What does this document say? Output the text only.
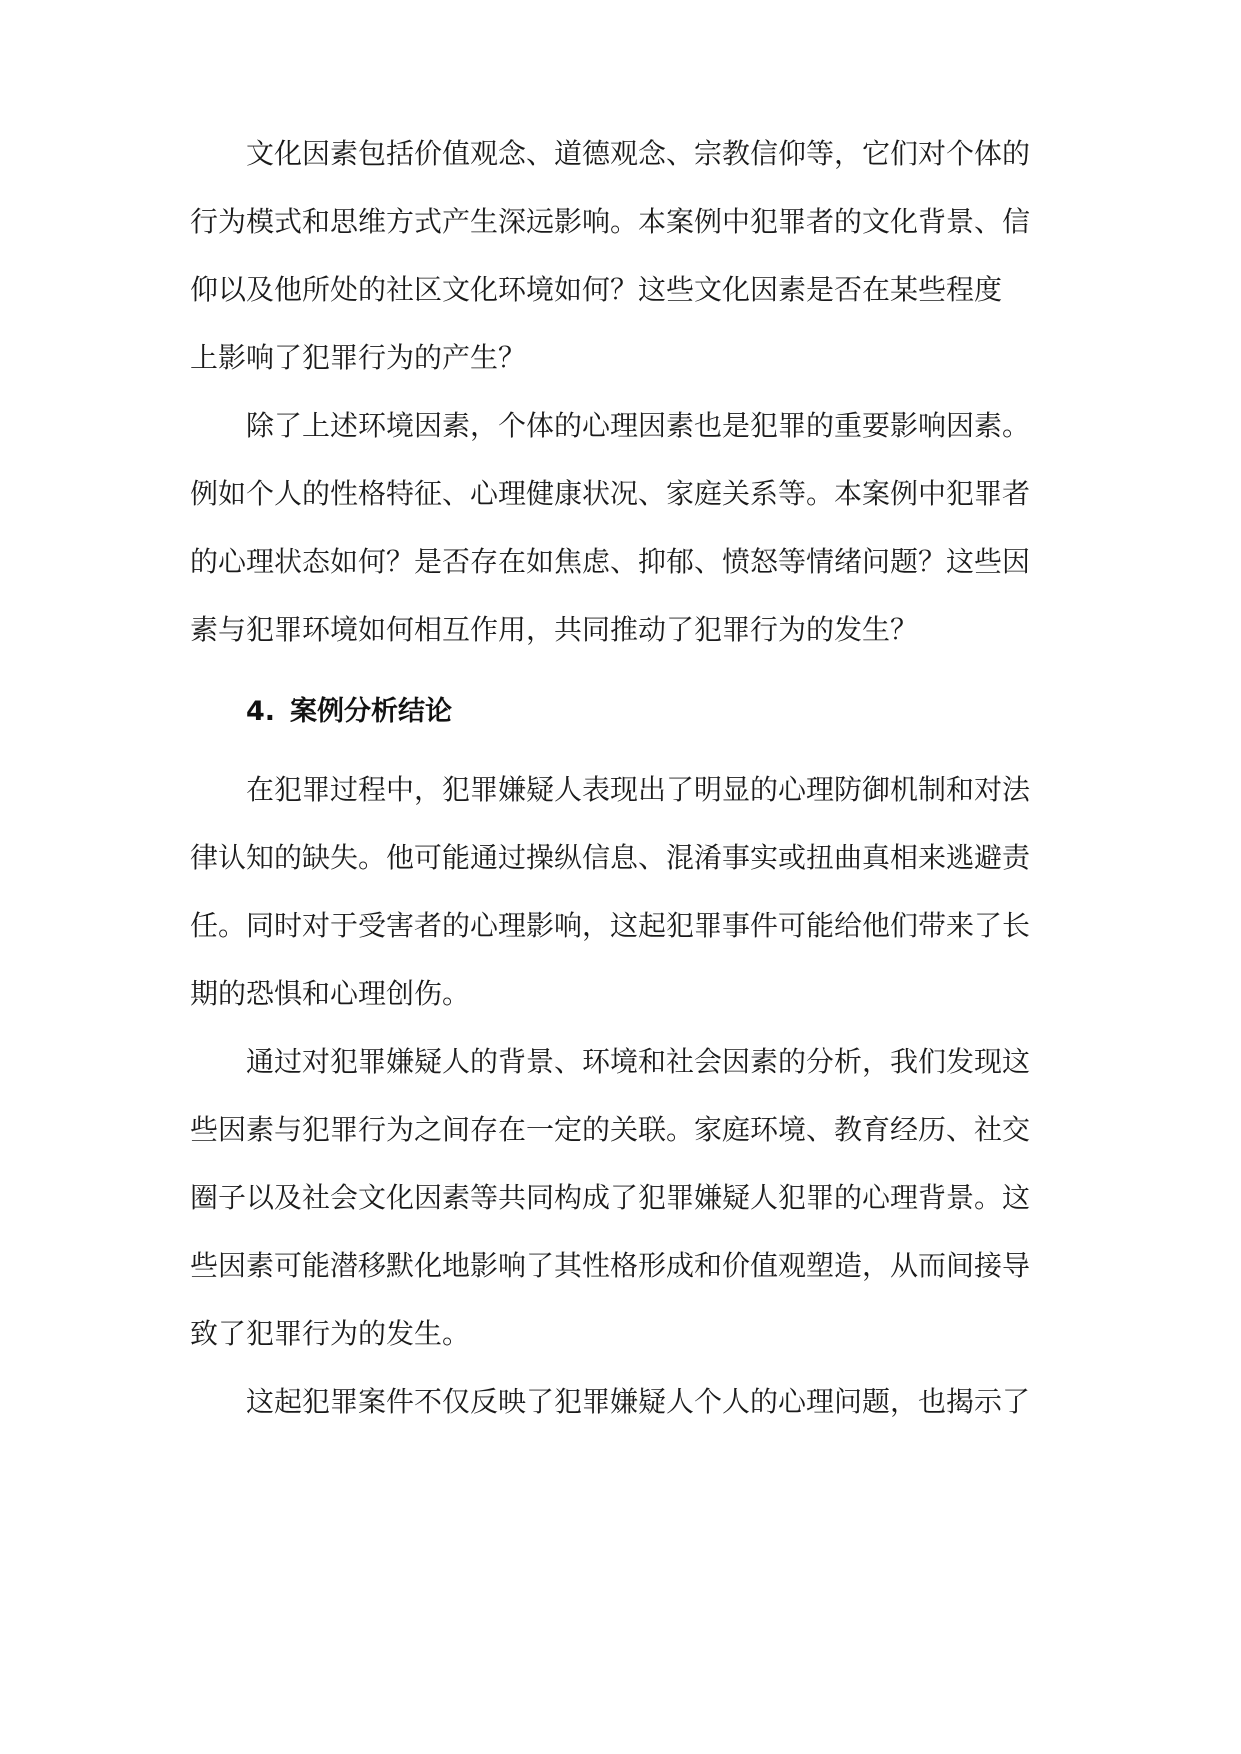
文化因素包括价值观念、道德观念、宗教信仰等，它们对个体的

行为模式和思维方式产生深远影响。本案例中犯罪者的文化背景、信

仰以及他所处的社区文化环境如何？这些文化因素是否在某些程度

上影响了犯罪行为的产生？

除了上述环境因素，个体的心理因素也是犯罪的重要影响因素。

例如个人的性格特征、心理健康状况、家庭关系等。本案例中犯罪者

的心理状态如何？是否存在如焦虑、抑郁、愤怒等情绪问题？这些因

素与犯罪环境如何相互作用，共同推动了犯罪行为的发生？

4. 案例分析结论

在犯罪过程中，犯罪嫌疑人表现出了明显的心理防御机制和对法

律认知的缺失。他可能通过操纵信息、混淆事实或扭曲真相来逃避责

任。同时对于受害者的心理影响，这起犯罪事件可能给他们带来了长

期的恐惧和心理创伤。

通过对犯罪嫌疑人的背景、环境和社会因素的分析，我们发现这

些因素与犯罪行为之间存在一定的关联。家庭环境、教育经历、社交

圈子以及社会文化因素等共同构成了犯罪嫌疑人犯罪的心理背景。这

些因素可能潜移默化地影响了其性格形成和价值观塑造，从而间接导

致了犯罪行为的发生。

这起犯罪案件不仅反映了犯罪嫌疑人个人的心理问题，也揭示了
